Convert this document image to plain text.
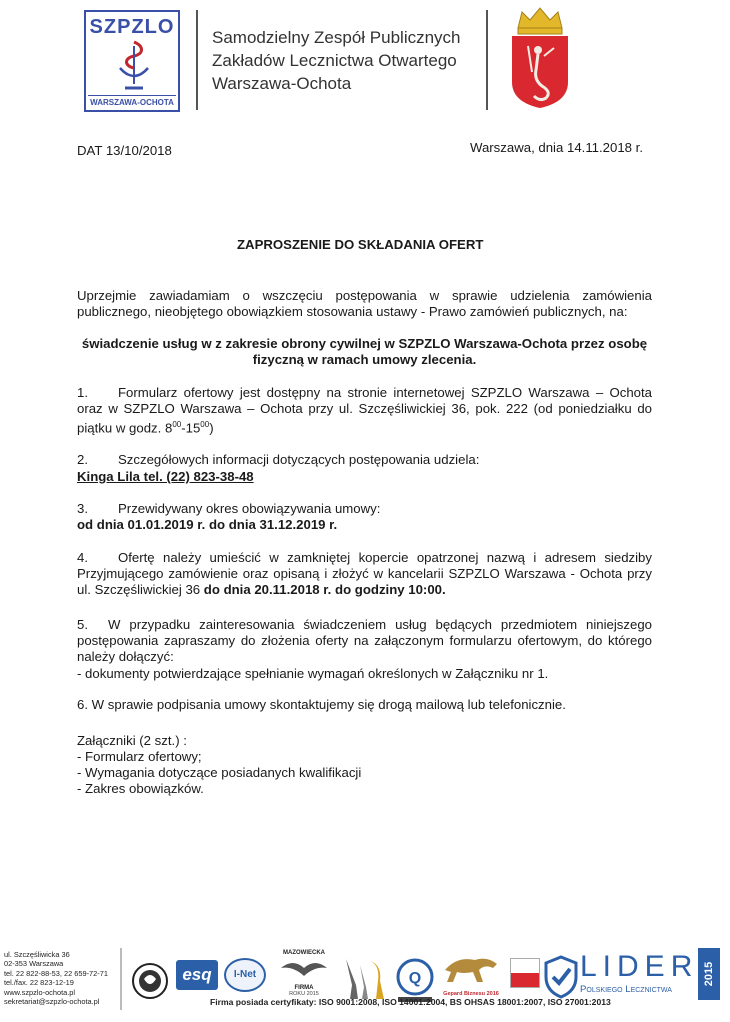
SZPZLO
WARSZAWA-OCHOTA
Samodzielny Zespół Publicznych
Zakładów Lecznictwa Otwartego
Warszawa-Ochota
DAT 13/10/2018	Warszawa, dnia 14.11.2018 r.
ZAPROSZENIE DO SKŁADANIA OFERT
Uprzejmie zawiadamiam o wszczęciu postępowania w sprawie udzielenia zamówienia publicznego, nieobjętego obowiązkiem stosowania ustawy - Prawo zamówień publicznych, na:
świadczenie usług w z zakresie obrony cywilnej w SZPZLO Warszawa-Ochota przez osobę fizyczną w ramach umowy zlecenia.
1. Formularz ofertowy jest dostępny na stronie internetowej SZPZLO Warszawa – Ochota oraz w SZPZLO Warszawa – Ochota przy ul. Szczęśliwickiej 36, pok. 222 (od poniedziałku do piątku w godz. $8^{00}-15^{00}$)
2. Szczegółowych informacji dotyczących postępowania udziela:
Kinga Lila tel. (22) 823-38-48
3. Przewidywany okres obowiązywania umowy:
od dnia 01.01.2019 r. do dnia 31.12.2019 r.
4. Ofertę należy umieścić w zamkniętej kopercie opatrzonej nazwą i adresem siedziby Przyjmującego zamówienie oraz opisaną i złożyć w kancelarii SZPZLO Warszawa - Ochota przy ul. Szczęśliwickiej 36 do dnia 20.11.2018 r. do godziny 10:00.
5. W przypadku zainteresowania świadczeniem usług będących przedmiotem niniejszego postępowania zapraszamy do złożenia oferty na załączonym formularzu ofertowym, do którego należy dołączyć:
- dokumenty potwierdzające spełnianie wymagań określonych w Załączniku nr 1.
6. W sprawie podpisania umowy skontaktujemy się drogą mailową lub telefonicznie.
Załączniki (2 szt.) :
- Formularz ofertowy;
- Wymagania dotyczące posiadanych kwalifikacji
- Zakres obowiązków.
ul. Szczęśliwicka 36
02-353 Warszawa
tel. 22 822-88-53, 22 659-72-71
tel./fax. 22 823-12-19
www.szpzlo-ochota.pl
sekretariat@szpzlo-ochota.pl
esq	I-Net
MAZOWIECKA
FIRMA
ROKU 2015
Q
Gepard Biznesu 2016
LIDER
Polskiego Lecznictwa
2015
Firma posiada certyfikaty: ISO 9001:2008, ISO 14001:2004, BS OHSAS 18001:2007, ISO 27001:2013
